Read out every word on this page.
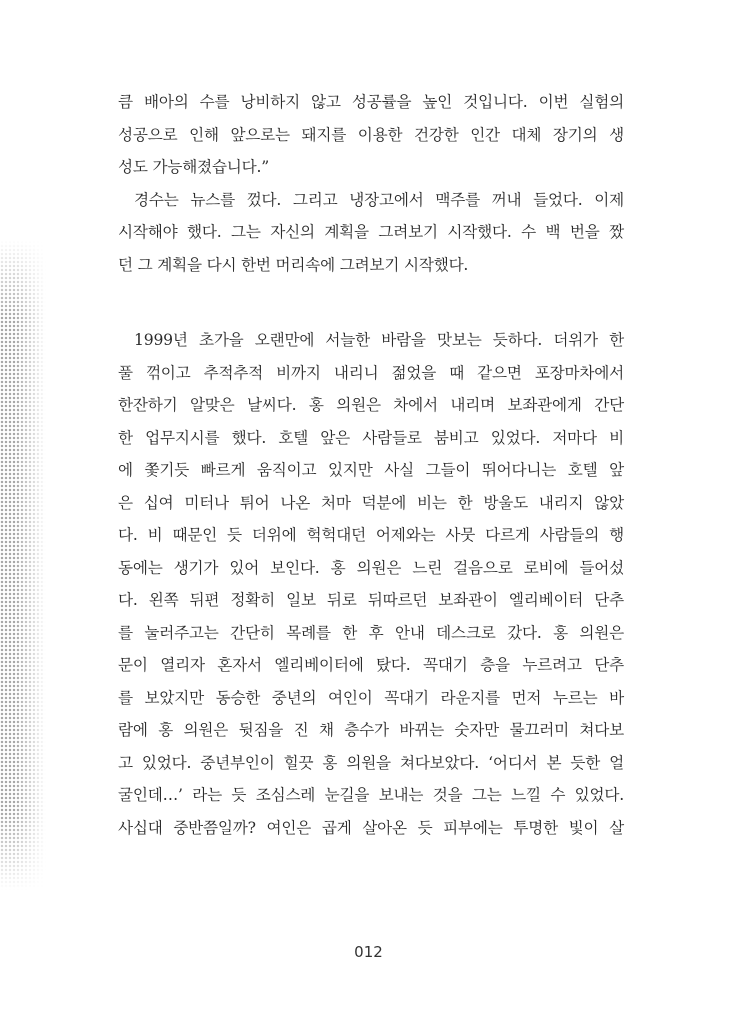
큼 배아의 수를 낭비하지 않고 성공률을 높인 것입니다. 이번 실험의
성공으로 인해 앞으로는 돼지를 이용한 건강한 인간 대체 장기의 생
성도 가능해졌습니다.”
경수는 뉴스를 껐다. 그리고 냉장고에서 맥주를 꺼내 들었다. 이제
시작해야 했다. 그는 자신의 계획을 그려보기 시작했다. 수 백 번을 짰
던 그 계획을 다시 한번 머리속에 그려보기 시작했다.
1999년 초가을 오랜만에 서늘한 바람을 맛보는 듯하다. 더위가 한
풀 꺾이고 추적추적 비까지 내리니 젊었을 때 같으면 포장마차에서
한잔하기 알맞은 날씨다. 홍 의원은 차에서 내리며 보좌관에게 간단
한 업무지시를 했다. 호텔 앞은 사람들로 붐비고 있었다. 저마다 비
에 쫓기듯 빠르게 움직이고 있지만 사실 그들이 뛰어다니는 호텔 앞
은 십여 미터나 튀어 나온 처마 덕분에 비는 한 방울도 내리지 않았
다. 비 때문인 듯 더위에 헉헉대던 어제와는 사뭇 다르게 사람들의 행
동에는 생기가 있어 보인다. 홍 의원은 느린 걸음으로 로비에 들어섰
다. 왼쪽 뒤편 정확히 일보 뒤로 뒤따르던 보좌관이 엘리베이터 단추
를 눌러주고는 간단히 목례를 한 후 안내 데스크로 갔다. 홍 의원은
문이 열리자 혼자서 엘리베이터에 탔다. 꼭대기 층을 누르려고 단추
를 보았지만 동승한 중년의 여인이 꼭대기 라운지를 먼저 누르는 바
람에 홍 의원은 뒷짐을 진 채 층수가 바뀌는 숫자만 물끄러미 쳐다보
고 있었다. 중년부인이 힐끗 홍 의원을 쳐다보았다. ‘어디서 본 듯한 얼
굴인데…’ 라는 듯 조심스레 눈길을 보내는 것을 그는 느낄 수 있었다.
사십대 중반쯤일까? 여인은 곱게 살아온 듯 피부에는 투명한 빛이 살
012
